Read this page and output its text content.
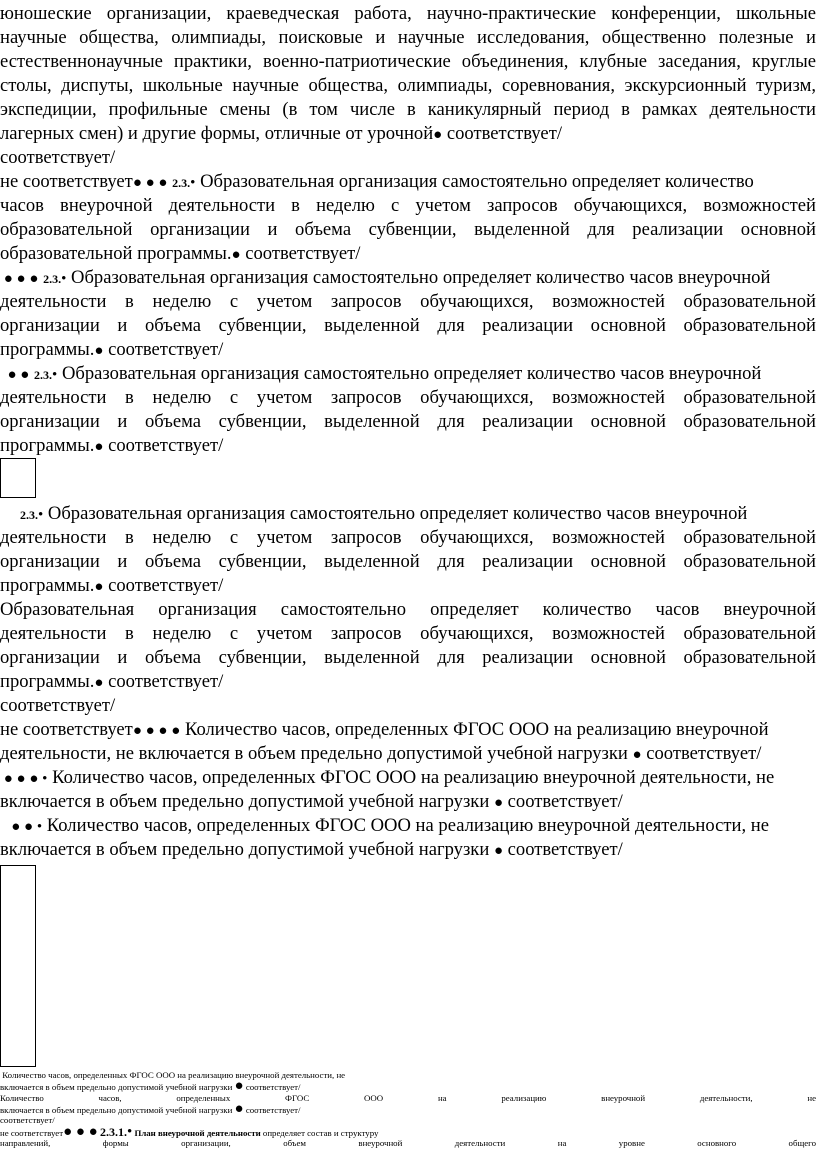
юношеские организации, краеведческая работа, научно-практические конференции, школьные
научные общества, олимпиады, поисковые и научные исследования, общественно полезные и
естественнонаучные практики, военно-патриотические объединения, клубные заседания, круглые
столы, диспуты, школьные научные общества, олимпиады, соревнования, экскурсионный туризм,
экспедиции, профильные смены (в том числе в каникулярный период в рамках деятельности
лагерных смен) и другие формы, отличные от урочной● соответствует/
соответствует/
не соответствует● ● ● 2.3.• Образовательная организация самостоятельно определяет количество
часов внеурочной деятельности в неделю с учетом запросов обучающихся, возможностей
образовательной организации и объема субвенции, выделенной для реализации основной
образовательной программы.● соответствует/
● ● ● 2.3.• Образовательная организация самостоятельно определяет количество часов внеурочной
деятельности в неделю с учетом запросов обучающихся, возможностей образовательной
организации и объема субвенции, выделенной для реализации основной образовательной
программы.● соответствует/
● ● 2.3.• Образовательная организация самостоятельно определяет количество часов внеурочной
деятельности в неделю с учетом запросов обучающихся, возможностей образовательной
организации и объема субвенции, выделенной для реализации основной образовательной
программы.● соответствует/
2.3.• Образовательная организация самостоятельно определяет количество часов внеурочной
деятельности в неделю с учетом запросов обучающихся, возможностей образовательной
организации и объема субвенции, выделенной для реализации основной образовательной
программы.● соответствует/
Образовательная организация самостоятельно определяет количество часов внеурочной
деятельности в неделю с учетом запросов обучающихся, возможностей образовательной
организации и объема субвенции, выделенной для реализации основной образовательной
программы.● соответствует/
соответствует/
не соответствует● ● ● ● Количество часов, определенных ФГОС ООО на реализацию внеурочной
деятельности, не включается в объем предельно допустимой учебной нагрузки ● соответствует/
● ● ● • Количество часов, определенных ФГОС ООО на реализацию внеурочной деятельности, не
включается в объем предельно допустимой учебной нагрузки ● соответствует/
● ● • Количество часов, определенных ФГОС ООО на реализацию внеурочной деятельности, не
включается в объем предельно допустимой учебной нагрузки ● соответствует/
Количество часов, определенных ФГОС ООО на реализацию внеурочной деятельности, не
включается в объем предельно допустимой учебной нагрузки ● соответствует/
Количество часов, определенных ФГОС ООО на реализацию внеурочной деятельности, не
включается в объем предельно допустимой учебной нагрузки ● соответствует/
соответствует/
не соответствует● ● ● 2.3.1.• План внеурочной деятельности определяет состав и структуру
направлений, формы организации, объем внеурочной деятельности на уровне основного общего
